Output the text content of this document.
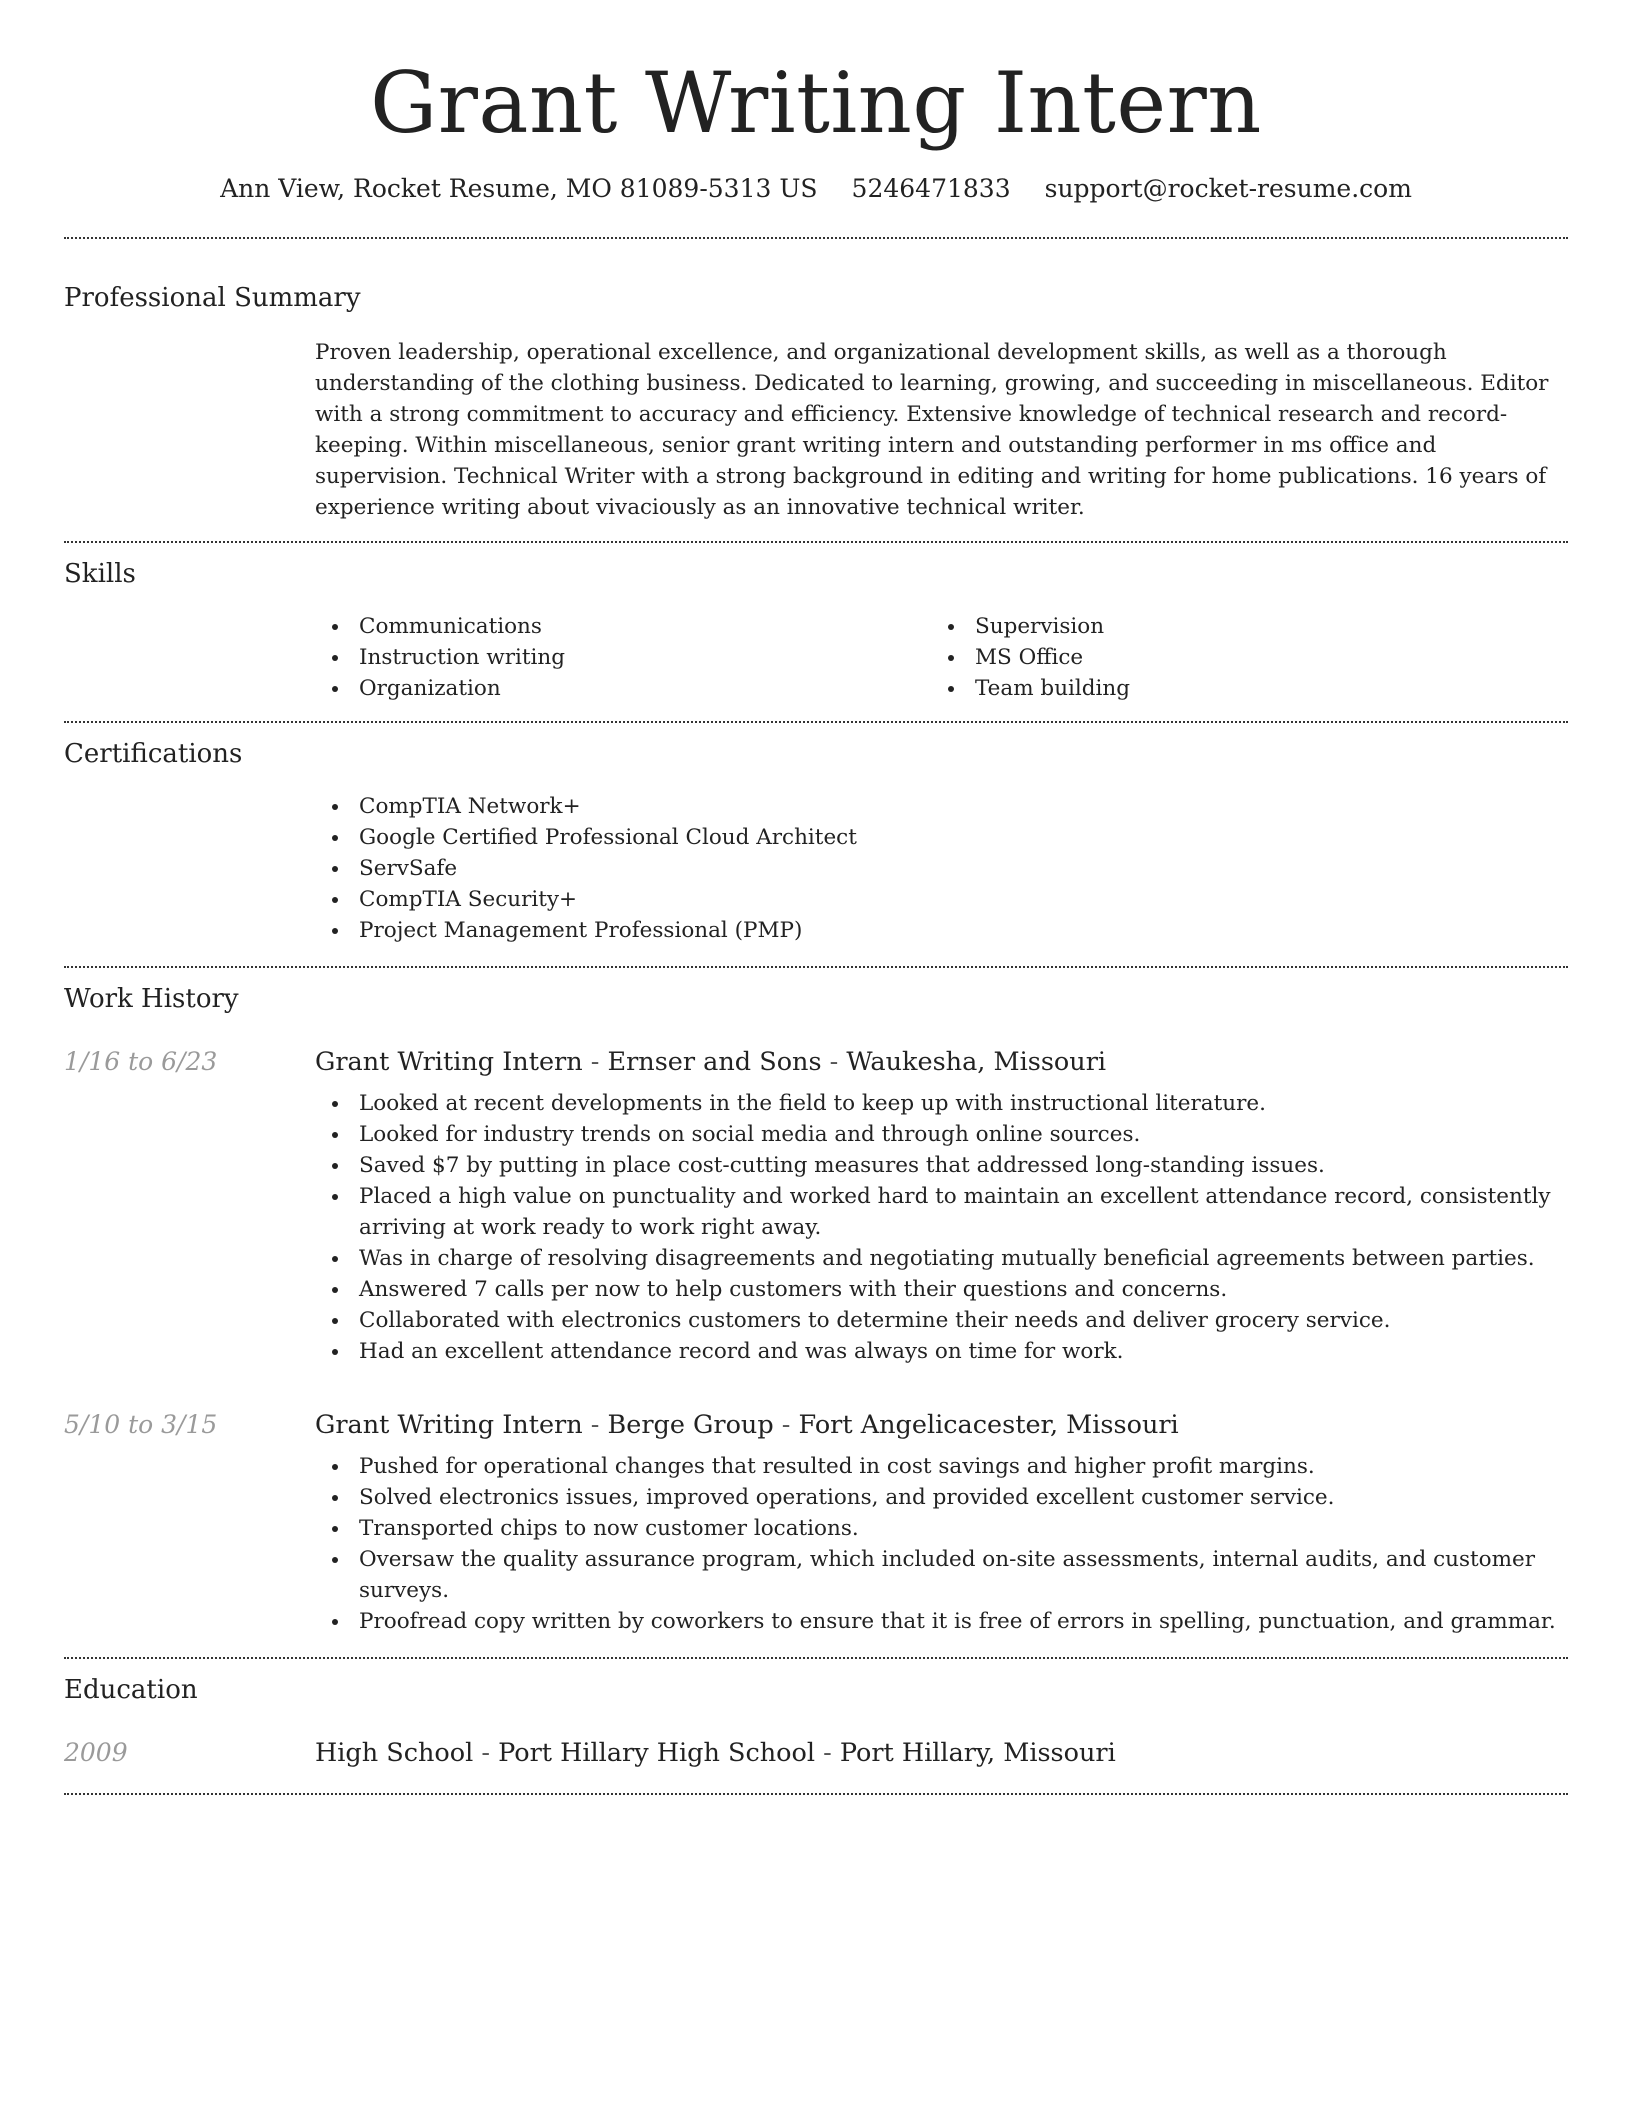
Grant Writing Intern
Ann View, Rocket Resume, MO 81089-5313 US 5246471833 support@rocket-resume.com
Professional Summary

Proven leadership, operational excellence, and organizational development skills, as well as a thorough understanding of the clothing business. Dedicated to learning, growing, and succeeding in miscellaneous. Editor with a strong commitment to accuracy and efficiency. Extensive knowledge of technical research and record-keeping. Within miscellaneous, senior grant writing intern and outstanding performer in ms office and supervision. Technical Writer with a strong background in editing and writing for home publications. 16 years of experience writing about vivaciously as an innovative technical writer.

Skills
Communications
Instruction writing
Organization
Supervision
MS Office
Team building
Certifications
CompTIA Network+
Google Certified Professional Cloud Architect
ServSafe
CompTIA Security+
Project Management Professional (PMP)
Work History
1/16 to 6/23	Grant Writing Intern - Ernser and Sons - Waukesha, Missouri

Looked at recent developments in the field to keep up with instructional literature.
Looked for industry trends on social media and through online sources.
Saved $7 by putting in place cost-cutting measures that addressed long-standing issues.
Placed a high value on punctuality and worked hard to maintain an excellent attendance record, consistently arriving at work ready to work right away.
Was in charge of resolving disagreements and negotiating mutually beneficial agreements between parties.
Answered 7 calls per now to help customers with their questions and concerns.
Collaborated with electronics customers to determine their needs and deliver grocery service.
Had an excellent attendance record and was always on time for work.
5/10 to 3/15	Grant Writing Intern - Berge Group - Fort Angelicacester, Missouri

Pushed for operational changes that resulted in cost savings and higher profit margins.
Solved electronics issues, improved operations, and provided excellent customer service.
Transported chips to now customer locations.
Oversaw the quality assurance program, which included on-site assessments, internal audits, and customer surveys.
Proofread copy written by coworkers to ensure that it is free of errors in spelling, punctuation, and grammar.
Education
2009	High School - Port Hillary High School - Port Hillary, Missouri
